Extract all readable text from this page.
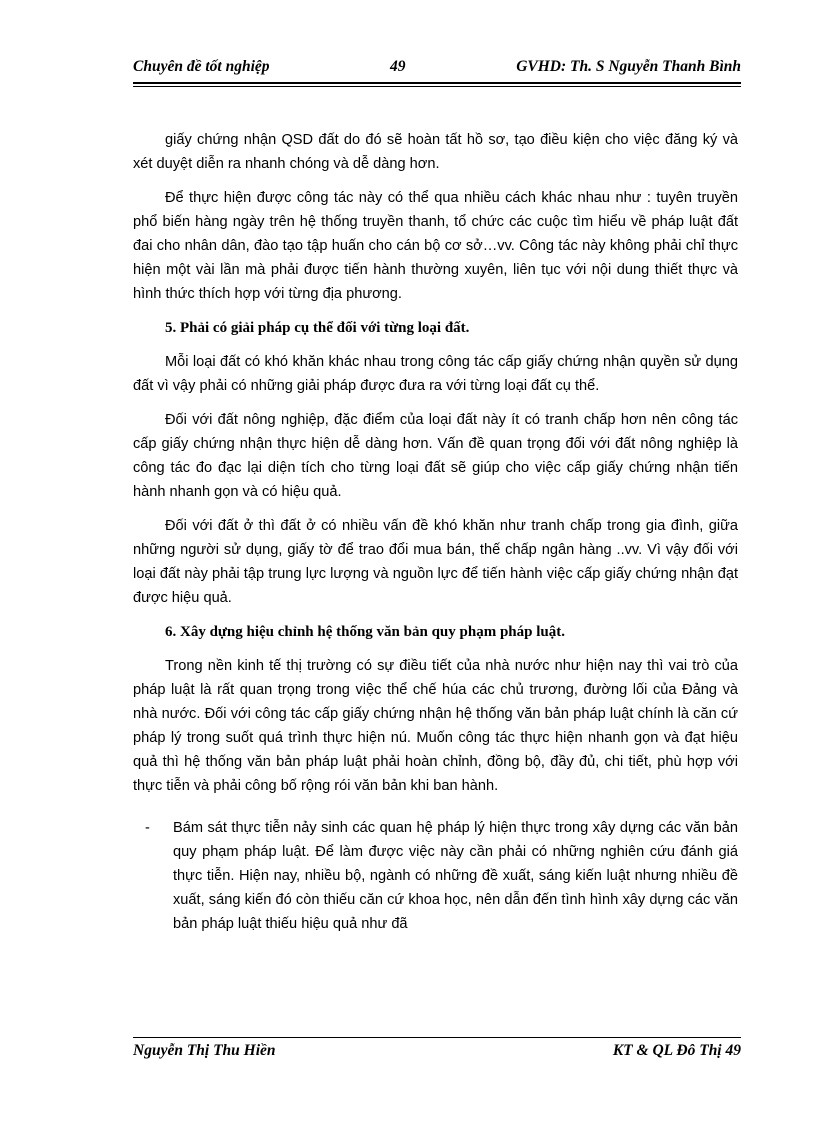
Chuyên đề tốt nghiệp	49	GVHD: Th. S Nguyễn Thanh Bình

giấy chứng nhận QSD đất do đó sẽ hoàn tất hồ sơ, tạo điều kiện cho việc đăng ký và xét duyệt diễn ra nhanh chóng và dễ dàng hơn.

Để thực hiện được công tác này có thể qua nhiều cách khác nhau như : tuyên truyền phổ biến hàng ngày trên hệ thống truyền thanh, tổ chức các cuộc tìm hiểu về pháp luật đất đai cho nhân dân, đào tạo tập huấn cho cán bộ cơ sở…vv. Công tác này không phải chỉ thực hiện một vài lần mà phải được tiến hành thường xuyên, liên tục với nội dung thiết thực và hình thức thích hợp với từng địa phương.

5. Phải có giải pháp cụ thể đối với từng loại đất.

Mỗi loại đất có khó khăn khác nhau trong công tác cấp giấy chứng nhận quyền sử dụng đất vì vậy phải có những giải pháp được đưa ra với từng loại đất cụ thể.

Đối với đất nông nghiệp, đặc điểm của loại đất này ít có tranh chấp hơn nên công tác cấp giấy chứng nhận thực hiện dễ dàng hơn. Vấn đề quan trọng đối với đất nông nghiệp là công tác đo đạc lại diện tích cho từng loại đất sẽ giúp cho việc cấp giấy chứng nhận tiến hành nhanh gọn và có hiệu quả.

Đối với đất ở thì đất ở có nhiều vấn đề khó khăn như tranh chấp trong gia đình, giữa những người sử dụng, giấy tờ để trao đổi mua bán, thế chấp ngân hàng ..vv. Vì vậy đối với loại đất này phải tập trung lực lượng và nguồn lực để tiến hành việc cấp giấy chứng nhận đạt được hiệu quả.

6. Xây dựng hiệu chỉnh hệ thống văn bản quy phạm pháp luật.

Trong nền kinh tế thị trường có sự điều tiết của nhà nước như hiện nay thì vai trò của pháp luật là rất quan trọng trong việc thể chế húa các chủ trương, đường lối của Đảng và nhà nước. Đối với công tác cấp giấy chứng nhận hệ thống văn bản pháp luật chính là căn cứ pháp lý trong suốt quá trình thực hiện nú. Muốn công tác thực hiện nhanh gọn và đạt hiệu quả thì hệ thống văn bản pháp luật phải hoàn chỉnh, đồng bộ, đầy đủ, chi tiết, phù hợp với thực tiễn và phải công bố rộng rói văn bản khi ban hành.

- Bám sát thực tiễn nảy sinh các quan hệ pháp lý hiện thực trong xây dựng các văn bản quy phạm pháp luật. Để làm được việc này cần phải có những nghiên cứu đánh giá thực tiễn. Hiện nay, nhiều bộ, ngành có những đề xuất, sáng kiến luật nhưng nhiều đề xuất, sáng kiến đó còn thiếu căn cứ khoa học, nên dẫn đến tình hình xây dựng các văn bản pháp luật thiếu hiệu quả như đã
Nguyễn Thị Thu Hiền	KT & QL Đô Thị 49
